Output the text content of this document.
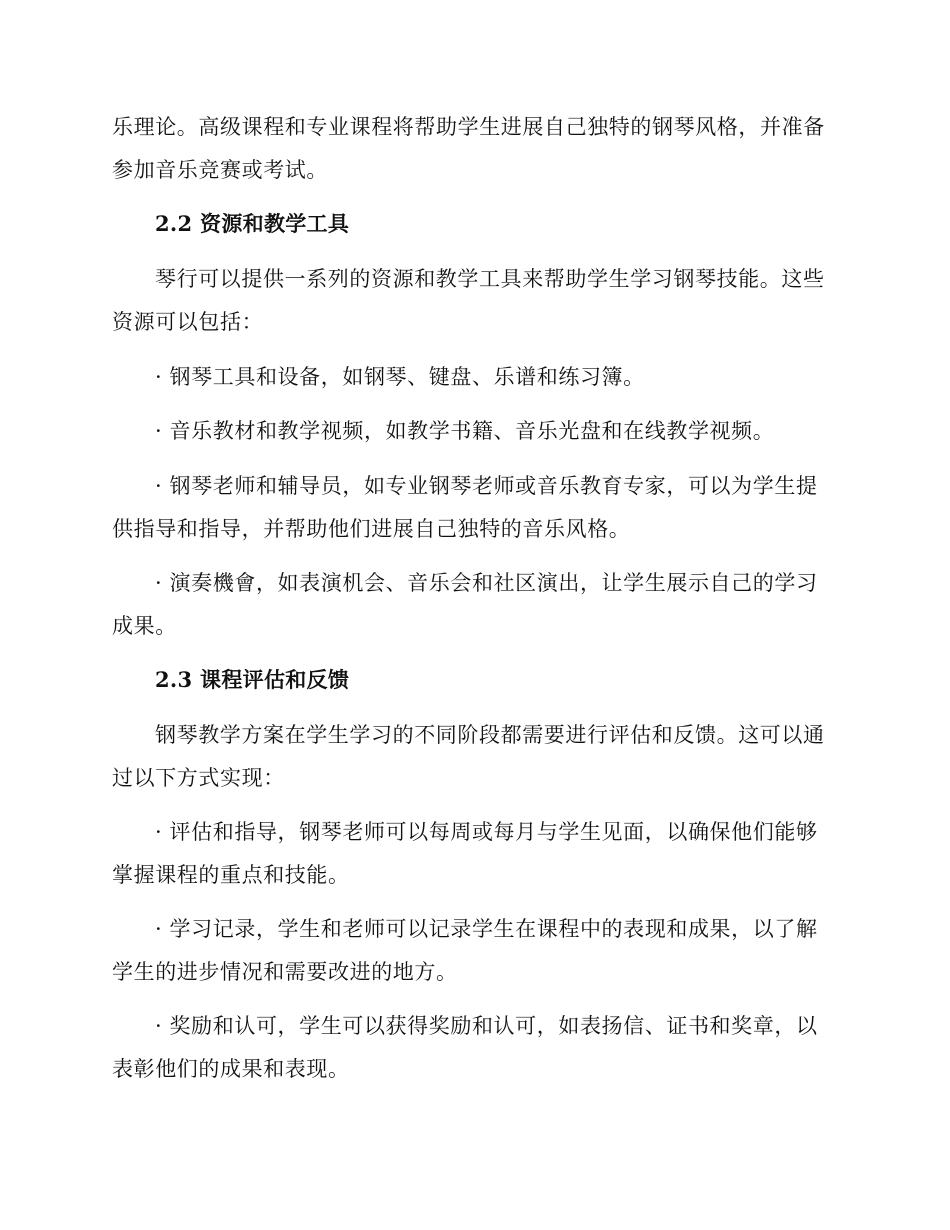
乐理论。高级课程和专业课程将帮助学生进展自己独特的钢琴风格，并准备
参加音乐竞赛或考试。
2.2 资源和教学工具
琴行可以提供一系列的资源和教学工具来帮助学生学习钢琴技能。这些
资源可以包括：
· 钢琴工具和设备，如钢琴、键盘、乐谱和练习簿。
· 音乐教材和教学视频，如教学书籍、音乐光盘和在线教学视频。
· 钢琴老师和辅导员，如专业钢琴老师或音乐教育专家，可以为学生提
供指导和指导，并帮助他们进展自己独特的音乐风格。
· 演奏機會，如表演机会、音乐会和社区演出，让学生展示自己的学习
成果。
2.3 课程评估和反馈
钢琴教学方案在学生学习的不同阶段都需要进行评估和反馈。这可以通
过以下方式实现：
· 评估和指导，钢琴老师可以每周或每月与学生见面，以确保他们能够
掌握课程的重点和技能。
· 学习记录，学生和老师可以记录学生在课程中的表现和成果，以了解
学生的进步情况和需要改进的地方。
· 奖励和认可，学生可以获得奖励和认可，如表扬信、证书和奖章，以
表彰他们的成果和表现。
